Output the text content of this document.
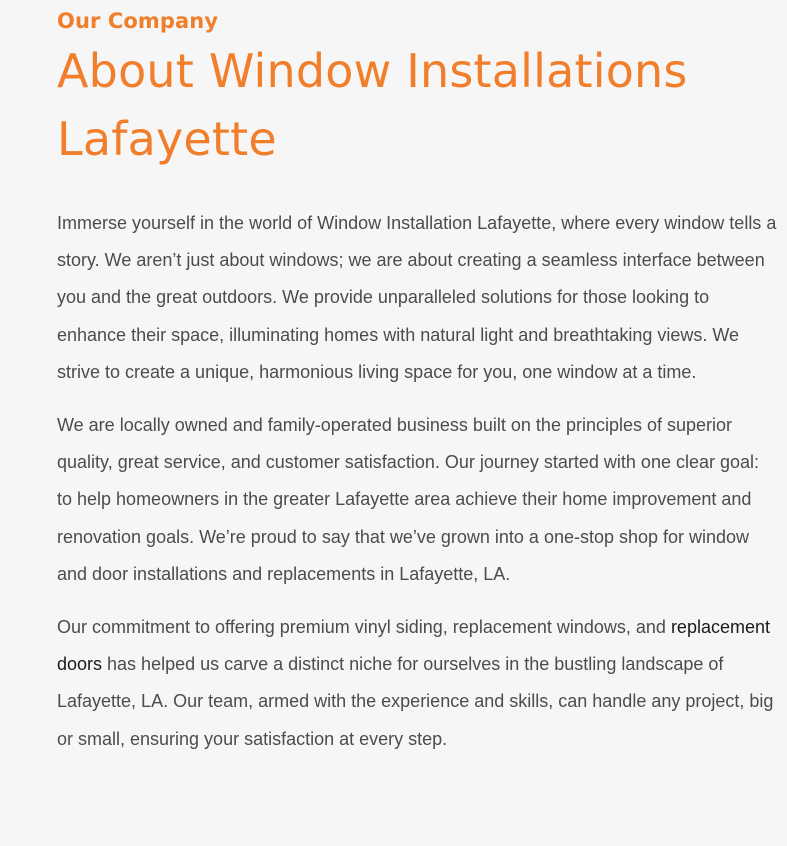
Our Company
About Window Installations Lafayette

Immerse yourself in the world of Window Installation Lafayette, where every window tells a story. We aren’t just about windows; we are about creating a seamless interface between you and the great outdoors. We provide unparalleled solutions for those looking to enhance their space, illuminating homes with natural light and breathtaking views. We strive to create a unique, harmonious living space for you, one window at a time.

We are locally owned and family-operated business built on the principles of superior quality, great service, and customer satisfaction. Our journey started with one clear goal: to help homeowners in the greater Lafayette area achieve their home improvement and renovation goals. We’re proud to say that we’ve grown into a one-stop shop for window and door installations and replacements in Lafayette, LA.

Our commitment to offering premium vinyl siding, replacement windows, and replacement doors has helped us carve a distinct niche for ourselves in the bustling landscape of Lafayette, LA. Our team, armed with the experience and skills, can handle any project, big or small, ensuring your satisfaction at every step.
